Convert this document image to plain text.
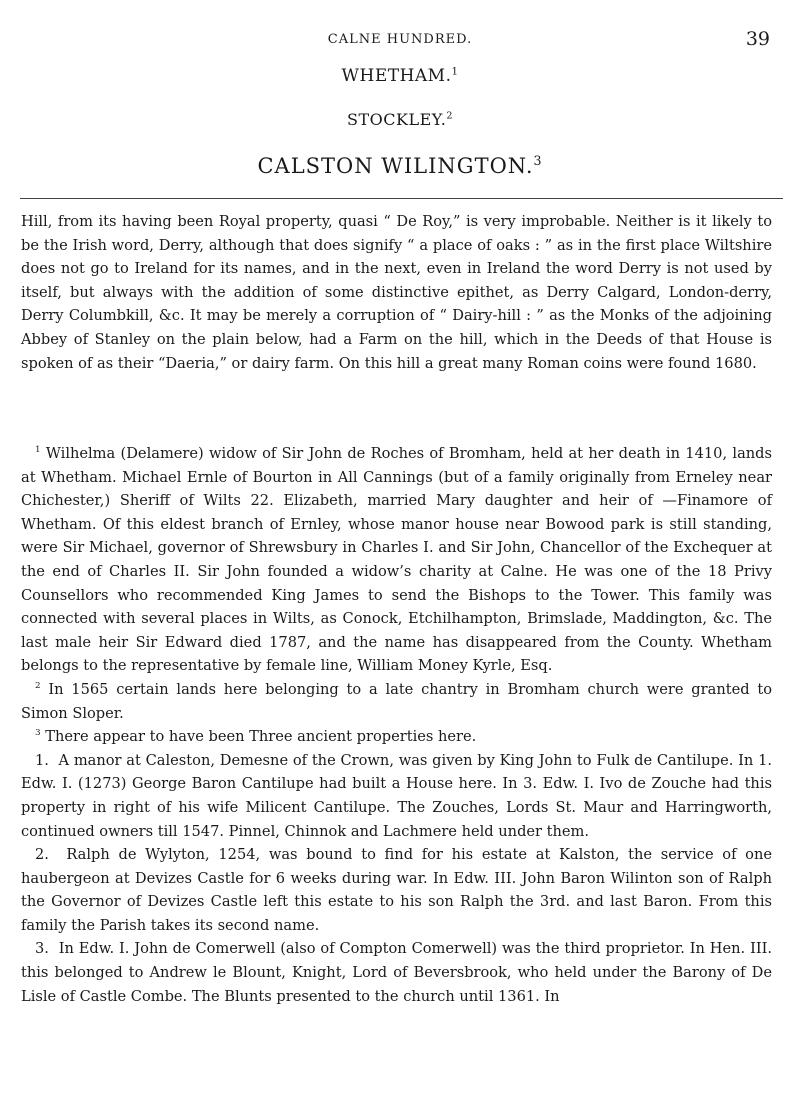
CALNE HUNDRED.	39
WHETHAM.$^1$
STOCKLEY.$^2$
CALSTON WILINGTON.$^3$

Hill, from its having been Royal property, quasi “ De Roy,” is very improbable. Neither is it likely to be the Irish word, Derry, although that does signify “ a place of oaks : ” as in the first place Wiltshire does not go to Ireland for its names, and in the next, even in Ireland the word Derry is not used by itself, but always with the addition of some distinctive epithet, as Derry Calgard, London-derry, Derry Columbkill, &c. It may be merely a corruption of “ Dairy-hill : ” as the Monks of the adjoining Abbey of Stanley on the plain below, had a Farm on the hill, which in the Deeds of that House is spoken of as their “Daeria,” or dairy farm. On this hill a great many Roman coins were found 1680.

$^1$ Wilhelma (Delamere) widow of Sir John de Roches of Bromham, held at her death in 1410, lands at Whetham. Michael Ernle of Bourton in All Cannings (but of a family originally from Erneley near Chichester,) Sheriff of Wilts 22. Elizabeth, married Mary daughter and heir of —Finamore of Whetham. Of this eldest branch of Ernley, whose manor house near Bowood park is still standing, were Sir Michael, governor of Shrewsbury in Charles I. and Sir John, Chancellor of the Exchequer at the end of Charles II. Sir John founded a widow’s charity at Calne. He was one of the 18 Privy Counsellors who recommended King James to send the Bishops to the Tower. This family was connected with several places in Wilts, as Conock, Etchilhampton, Brimslade, Maddington, &c. The last male heir Sir Edward died 1787, and the name has disappeared from the County. Whetham belongs to the representative by female line, William Money Kyrle, Esq.

$^2$ In 1565 certain lands here belonging to a late chantry in Bromham church were granted to Simon Sloper.

$^3$ There appear to have been Three ancient properties here.

1. A manor at Caleston, Demesne of the Crown, was given by King John to Fulk de Cantilupe. In 1. Edw. I. (1273) George Baron Cantilupe had built a House here. In 3. Edw. I. Ivo de Zouche had this property in right of his wife Milicent Cantilupe. The Zouches, Lords St. Maur and Harringworth, continued owners till 1547. Pinnel, Chinnok and Lachmere held under them.

2. Ralph de Wylyton, 1254, was bound to find for his estate at Kalston, the service of one haubergeon at Devizes Castle for 6 weeks during war. In Edw. III. John Baron Wilinton son of Ralph the Governor of Devizes Castle left this estate to his son Ralph the 3rd. and last Baron. From this family the Parish takes its second name.

3. In Edw. I. John de Comerwell (also of Compton Comerwell) was the third proprietor. In Hen. III. this belonged to Andrew le Blount, Knight, Lord of Beversbrook, who held under the Barony of De Lisle of Castle Combe. The Blunts presented to the church until 1361. In
